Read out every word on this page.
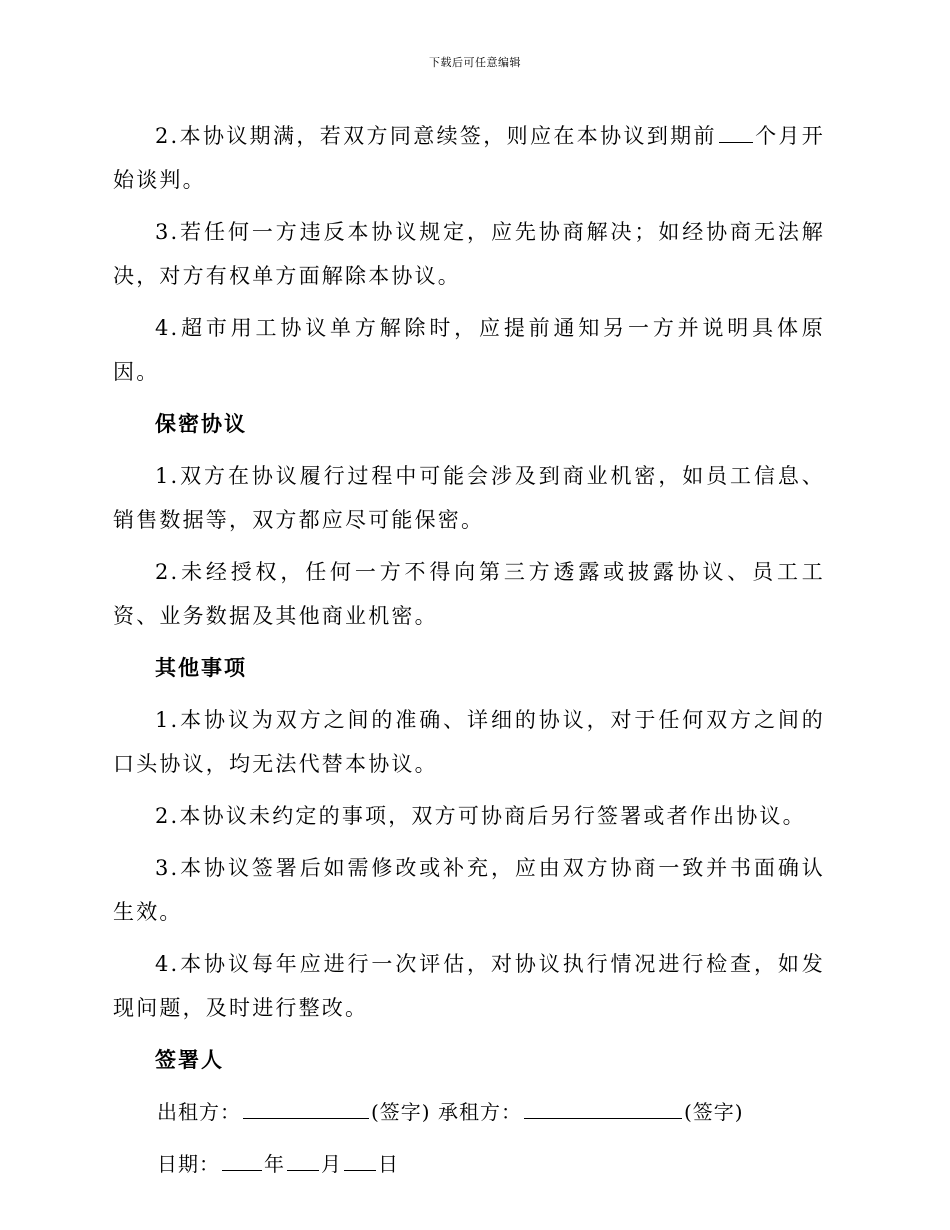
下载后可任意编辑

2.本协议期满，若双方同意续签，则应在本协议到期前 个月开始谈判。

3.若任何一方违反本协议规定，应先协商解决；如经协商无法解决，对方有权单方面解除本协议。

4.超市用工协议单方解除时，应提前通知另一方并说明具体原因。

保密协议

1.双方在协议履行过程中可能会涉及到商业机密，如员工信息、销售数据等，双方都应尽可能保密。

2.未经授权，任何一方不得向第三方透露或披露协议、员工工资、业务数据及其他商业机密。

其他事项

1.本协议为双方之间的准确、详细的协议，对于任何双方之间的口头协议，均无法代替本协议。

2.本协议未约定的事项，双方可协商后另行签署或者作出协议。

3.本协议签署后如需修改或补充，应由双方协商一致并书面确认生效。

4.本协议每年应进行一次评估，对协议执行情况进行检查，如发现问题，及时进行整改。

签署人
出租方：	(签字) 承租方：	(签字)
日期： 年 月 日
